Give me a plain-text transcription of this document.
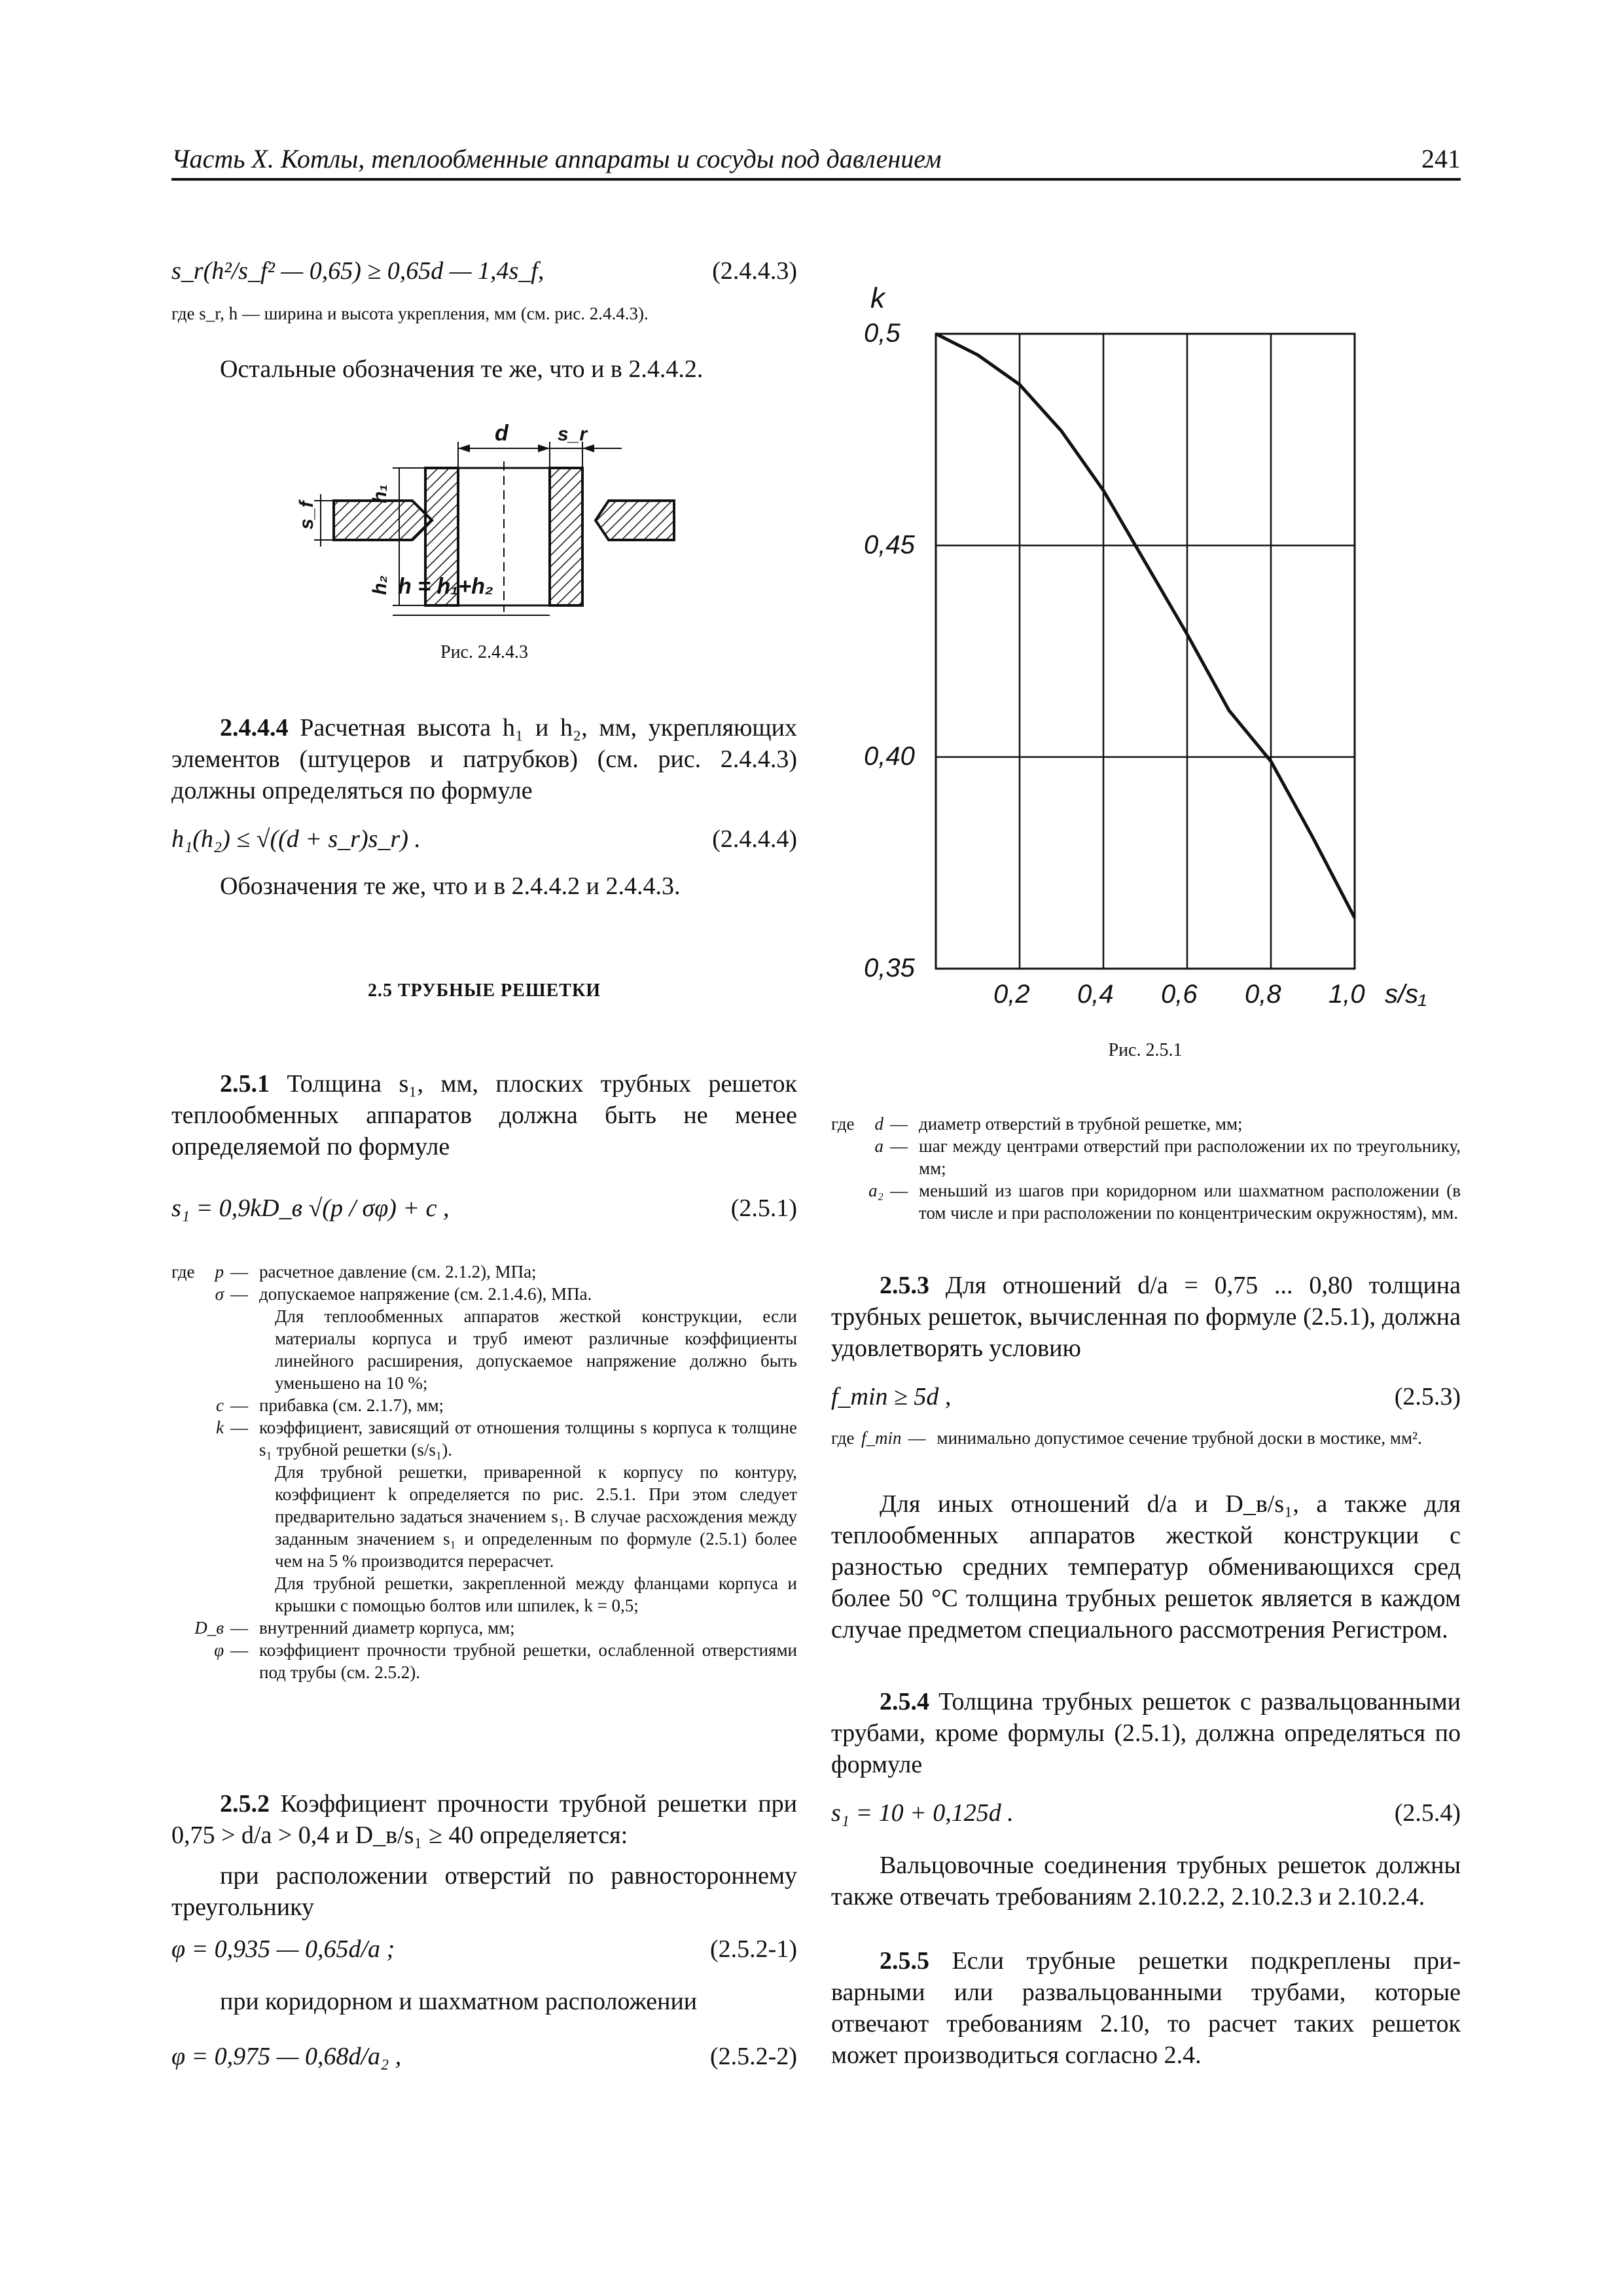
Часть X. Котлы, теплообменные аппараты и сосуды под давлением	241
s_r(h²/s_f² — 0,65) ≥ 0,65d — 1,4s_f,	(2.4.4.3)
где s_r, h — ширина и высота укрепления, мм (см. рис. 2.4.4.3).
Остальные обозначения те же, что и в 2.4.4.2.
d	s_r
h₁
h₂
s_f
h = h₁+h₂
Рис. 2.4.4.3
2.4.4.4 Расчетная высота h₁ и h₂, мм, укрепляющих элементов (штуцеров и патрубков) (см. рис. 2.4.4.3) должны определяться по формуле
h₁(h₂) ≤ √((d + s_r)s_r) .	(2.4.4.4)
Обозначения те же, что и в 2.4.4.2 и 2.4.4.3.
2.5 ТРУБНЫЕ РЕШЕТКИ
2.5.1 Толщина s₁, мм, плоских трубных решеток теплообменных аппаратов должна быть не менее определяемой по формуле
s₁ = 0,9kD_в √(p / σφ) + c ,	(2.5.1)
где	p — расчетное давление (см. 2.1.2), МПа;
σ — допускаемое напряжение (см. 2.1.4.6), МПа.
Для теплообменных аппаратов жесткой конструкции, если материалы корпуса и труб имеют различные коэффициенты линейного расширения, допускаемое напряжение должно быть уменьшено на 10 %;
c — прибавка (см. 2.1.7), мм;
k — коэффициент, зависящий от отношения толщины s корпуса к толщине s₁ трубной решетки (s/s₁).
Для трубной решетки, приваренной к корпусу по контуру, коэффициент k определяется по рис. 2.5.1. При этом следует предварительно задаться значением s₁. В случае расхождения между заданным значением s₁ и определенным по формуле (2.5.1) более чем на 5 % производится перерасчет.
Для трубной решетки, закрепленной между фланцами корпуса и крышки с помощью болтов или шпилек, k = 0,5;
D_в — внутренний диаметр корпуса, мм;
φ — коэффициент прочности трубной решетки, ослабленной отверстиями под трубы (см. 2.5.2).
2.5.2 Коэффициент прочности трубной решетки при 0,75 > d/a > 0,4 и D_в/s₁ ≥ 40 определяется:
при расположении отверстий по равностороннему треугольнику
φ = 0,935 — 0,65d/a ;	(2.5.2-1)
при коридорном и шахматном расположении
φ = 0,975 — 0,68d/a₂ ,	(2.5.2-2)
0,2 0,4 0,6 0,8 1,0
0,5
0,45
0,40
0,35
k
s/s₁
Рис. 2.5.1
где	d — диаметр отверстий в трубной решетке, мм;
a — шаг между центрами отверстий при расположении их по треугольнику, мм;
a₂ — меньший из шагов при коридорном или шахматном расположении (в том числе и при расположении по концентрическим окружностям), мм.
2.5.3 Для отношений d/a = 0,75 ... 0,80 толщина трубных решеток, вычисленная по формуле (2.5.1), должна удовлетворять условию
f_min ≥ 5d ,	(2.5.3)
где f_min — минимально допустимое сечение трубной доски в мостике, мм².
Для иных отношений d/a и D_в/s₁, а также для теплообменных аппаратов жесткой конструкции с разностью средних температур обменивающихся сред более 50 °C толщина трубных решеток является в каждом случае предметом специального рассмотрения Регистром.
2.5.4 Толщина трубных решеток с развальцованными трубами, кроме формулы (2.5.1), должна определяться по формуле
s₁ = 10 + 0,125d .	(2.5.4)
Вальцовочные соединения трубных решеток должны также отвечать требованиям 2.10.2.2, 2.10.2.3 и 2.10.2.4.
2.5.5 Если трубные решетки подкреплены приварными или развальцованными трубами, которые отвечают требованиям 2.10, то расчет таких решеток может производиться согласно 2.4.
